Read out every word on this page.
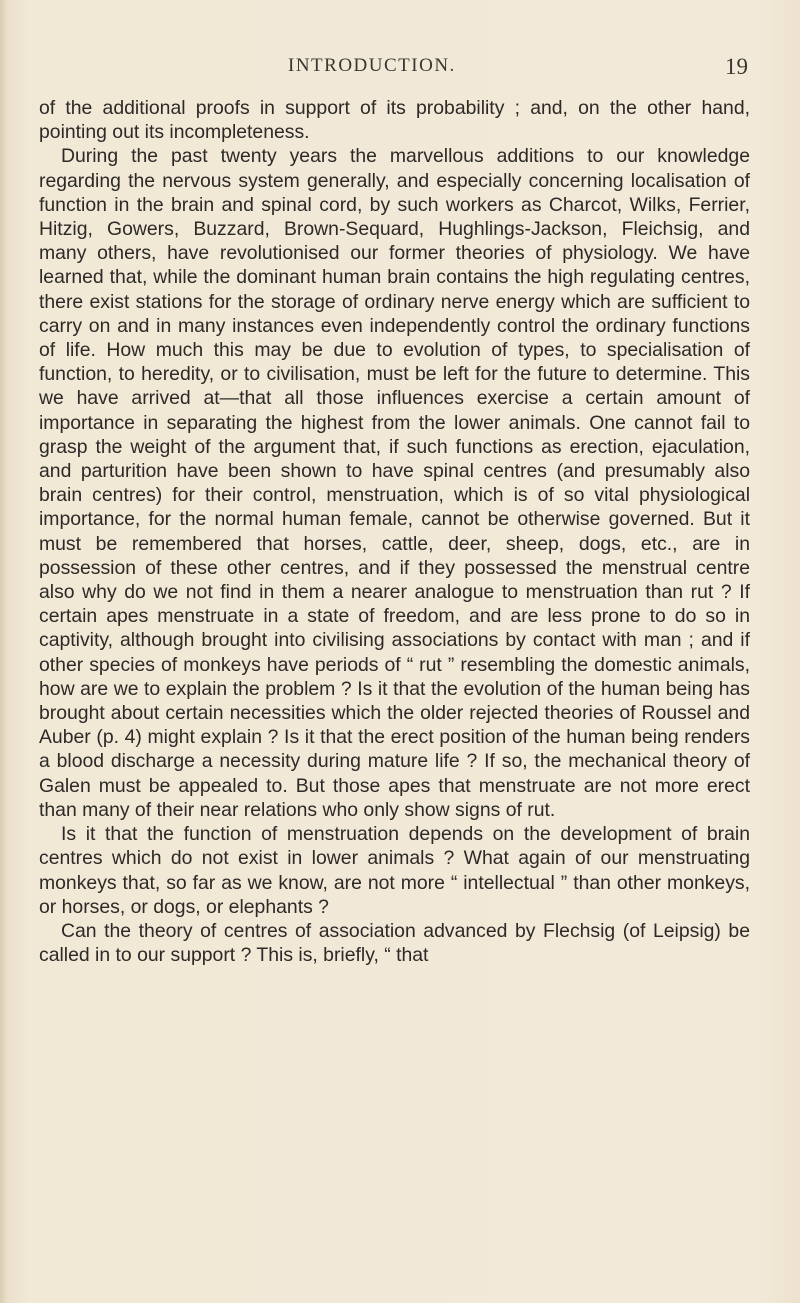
INTRODUCTION.	19

of the additional proofs in support of its probability ; and, on the other hand, pointing out its incompleteness.

During the past twenty years the marvellous additions to our knowledge regarding the nervous system generally, and especially concerning localisation of function in the brain and spinal cord, by such workers as Charcot, Wilks, Ferrier, Hitzig, Gowers, Buzzard, Brown-Sequard, Hughlings-Jackson, Fleichsig, and many others, have revolutionised our former theories of physiology. We have learned that, while the dominant human brain contains the high regulating centres, there exist stations for the storage of ordinary nerve energy which are sufficient to carry on and in many instances even independently control the ordinary functions of life. How much this may be due to evolution of types, to specialisation of function, to heredity, or to civilisation, must be left for the future to determine. This we have arrived at—that all those influences exercise a certain amount of importance in separating the highest from the lower animals. One cannot fail to grasp the weight of the argument that, if such functions as erection, ejaculation, and parturition have been shown to have spinal centres (and presumably also brain centres) for their control, menstruation, which is of so vital physiological importance, for the normal human female, cannot be otherwise governed. But it must be remembered that horses, cattle, deer, sheep, dogs, etc., are in possession of these other centres, and if they possessed the menstrual centre also why do we not find in them a nearer analogue to menstruation than rut ? If certain apes menstruate in a state of freedom, and are less prone to do so in captivity, although brought into civilising associations by contact with man ; and if other species of monkeys have periods of “ rut ” resembling the domestic animals, how are we to explain the problem ? Is it that the evolution of the human being has brought about certain necessities which the older rejected theories of Roussel and Auber (p. 4) might explain ? Is it that the erect position of the human being renders a blood discharge a necessity during mature life ? If so, the mechanical theory of Galen must be appealed to. But those apes that menstruate are not more erect than many of their near relations who only show signs of rut.

Is it that the function of menstruation depends on the development of brain centres which do not exist in lower animals ? What again of our menstruating monkeys that, so far as we know, are not more “ intellectual ” than other monkeys, or horses, or dogs, or elephants ?

Can the theory of centres of association advanced by Flechsig (of Leipsig) be called in to our support ? This is, briefly, “ that
